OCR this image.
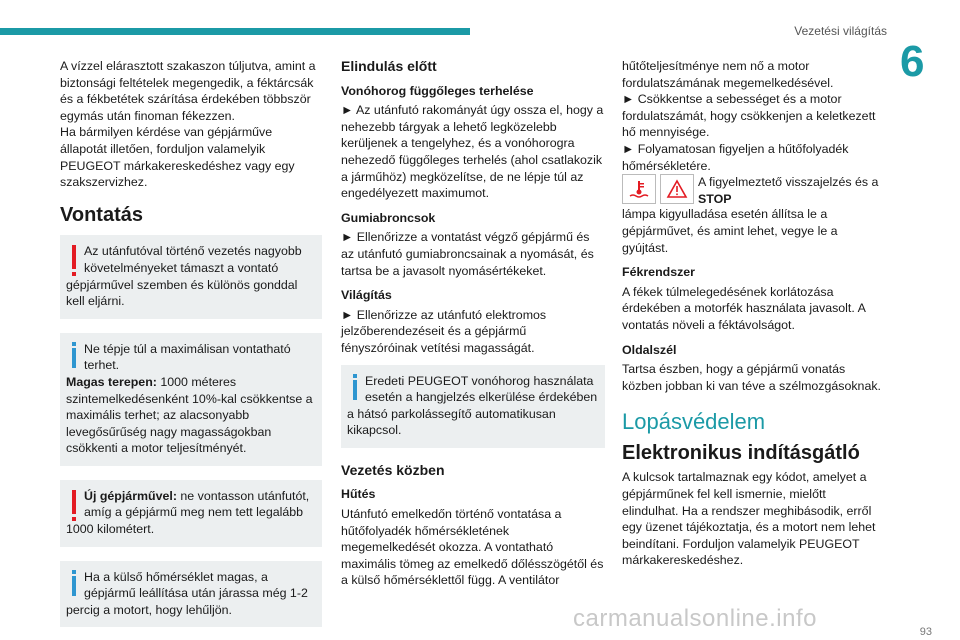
Vezetési világítás
6

A vízzel elárasztott szakaszon túljutva, amint a biztonsági feltételek megengedik, a féktárcsák és a fékbetétek szárítása érdekében többször egymás után finoman fékezzen.

Ha bármilyen kérdése van gépjárműve állapotát illetően, forduljon valamelyik PEUGEOT márkakereskedéshez vagy egy szakszervizhez.

Vontatás
Az utánfutóval történő vezetés nagyobb követelményeket támaszt a vontató gépjárművel szemben és különös gonddal kell eljárni.
Ne tépje túl a maximálisan vontatható terhet.
Magas terepen: 1000 méteres szintemelkedésenként 10%-kal csökkentse a maximális terhet; az alacsonyabb levegősűrűség nagy magasságokban csökkenti a motor teljesítményét.
Új gépjárművel: ne vontasson utánfutót, amíg a gépjármű meg nem tett legalább 1000 kilométert.
Ha a külső hőmérséklet magas, a gépjármű leállítása után járassa még 1-2 percig a motort, hogy lehűljön.
Elindulás előtt
Vonóhorog függőleges terhelése

► Az utánfutó rakományát úgy ossza el, hogy a nehezebb tárgyak a lehető legközelebb kerüljenek a tengelyhez, és a vonóhorogra nehezedő függőleges terhelés (ahol csatlakozik a járműhöz) megközelítse, de ne lépje túl az engedélyezett maximumot.

Gumiabroncsok

► Ellenőrizze a vontatást végző gépjármű és az utánfutó gumiabroncsainak a nyomását, és tartsa be a javasolt nyomásértékeket.

Világítás

► Ellenőrizze az utánfutó elektromos jelzőberendezéseit és a gépjármű fényszóróinak vetítési magasságát.

Eredeti PEUGEOT vonóhorog használata esetén a hangjelzés elkerülése érdekében a hátsó parkolássegítő automatikusan kikapcsol.
Vezetés közben
Hűtés

Utánfutó emelkedőn történő vontatása a hűtőfolyadék hőmérsékletének megemelkedését okozza. A vontatható maximális tömeg az emelkedő dőlésszögétől és a külső hőmérséklettől függ. A ventilátor

hűtőteljesítménye nem nő a motor fordulatszámának megemelkedésével.

► Csökkentse a sebességet és a motor fordulatszámát, hogy csökkenjen a keletkezett hő mennyisége.

► Folyamatosan figyeljen a hűtőfolyadék hőmérsékletére.

A figyelmeztető visszajelzés és a STOP

lámpa kigyulladása esetén állítsa le a gépjárművet, és amint lehet, vegye le a gyújtást.

Fékrendszer

A fékek túlmelegedésének korlátozása érdekében a motorfék használata javasolt. A vontatás növeli a féktávolságot.

Oldalszél

Tartsa észben, hogy a gépjármű vonatás közben jobban ki van téve a szélmozgásoknak.

Lopásvédelem
Elektronikus indításgátló

A kulcsok tartalmaznak egy kódot, amelyet a gépjárműnek fel kell ismernie, mielőtt elindulhat. Ha a rendszer meghibásodik, erről egy üzenet tájékoztatja, és a motort nem lehet beindítani. Forduljon valamelyik PEUGEOT márkakereskedéshez.

carmanualsonline.info	93
